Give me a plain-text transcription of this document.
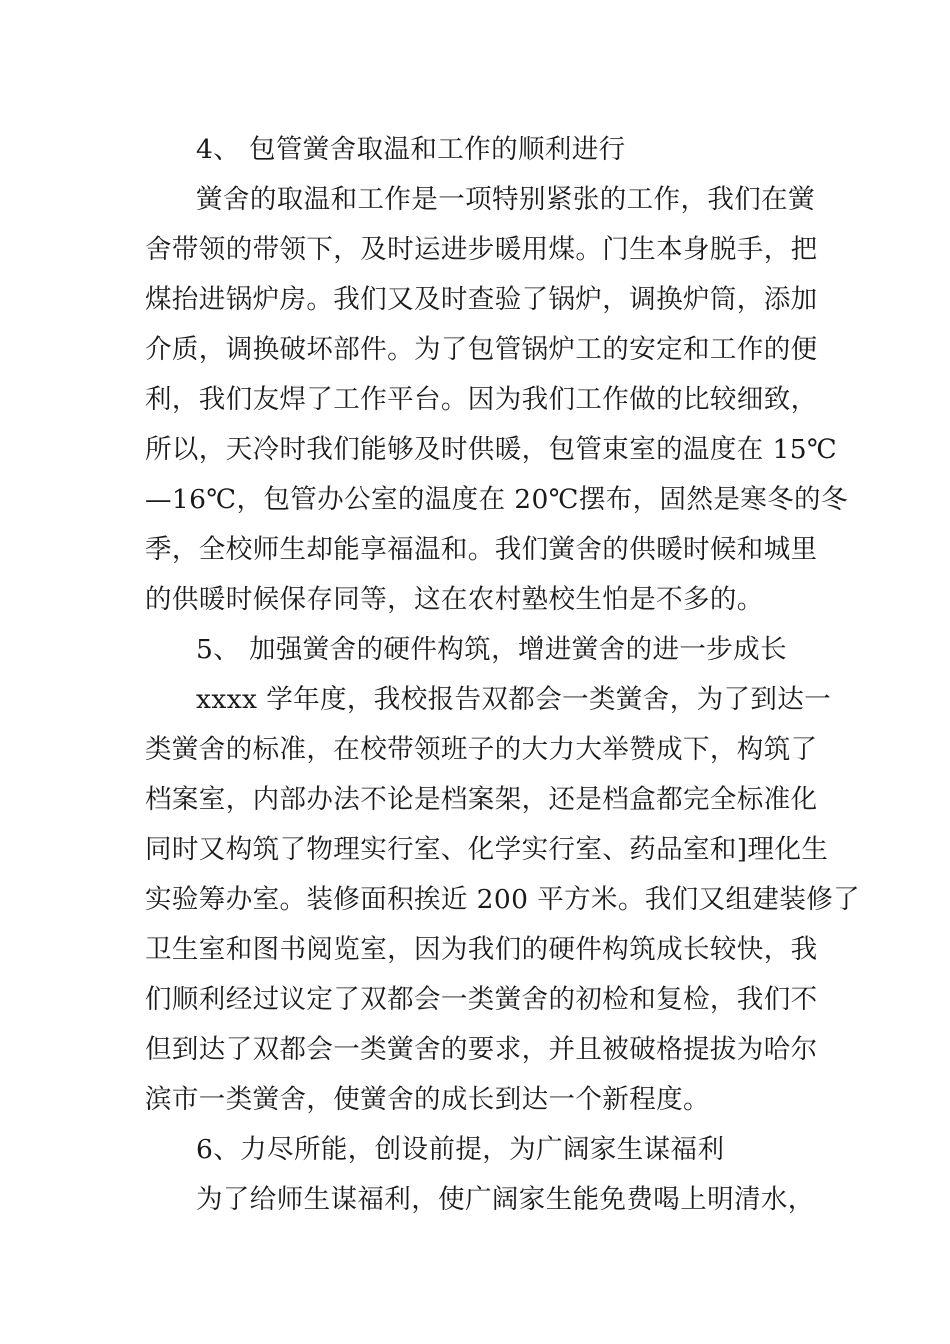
4、 包管黉舍取温和工作的顺利进行
黉舍的取温和工作是一项特别紧张的工作，我们在黉
舍带领的带领下，及时运进步暖用煤。门生本身脱手，把
煤抬进锅炉房。我们又及时查验了锅炉，调换炉筒，添加
介质，调换破坏部件。为了包管锅炉工的安定和工作的便
利，我们友焊了工作平台。因为我们工作做的比较细致，
所以，天冷时我们能够及时供暖，包管束室的温度在 15℃
—16℃，包管办公室的温度在 20℃摆布，固然是寒冬的冬
季，全校师生却能享福温和。我们黉舍的供暖时候和城里
的供暖时候保存同等，这在农村塾校生怕是不多的。
5、 加强黉舍的硬件构筑，增进黉舍的进一步成长
xxxx 学年度，我校报告双都会一类黉舍，为了到达一
类黉舍的标准，在校带领班子的大力大举赞成下，构筑了
档案室，内部办法不论是档案架，还是档盒都完全标准化
同时又构筑了物理实行室、化学实行室、药品室和]理化生
实验筹办室。装修面积挨近 200 平方米。我们又组建装修了
卫生室和图书阅览室，因为我们的硬件构筑成长较快，我
们顺利经过议定了双都会一类黉舍的初检和复检，我们不
但到达了双都会一类黉舍的要求，并且被破格提拔为哈尔
滨市一类黉舍，使黉舍的成长到达一个新程度。
6、力尽所能，创设前提，为广阔家生谋福利
为了给师生谋福利，使广阔家生能免费喝上明清水，
